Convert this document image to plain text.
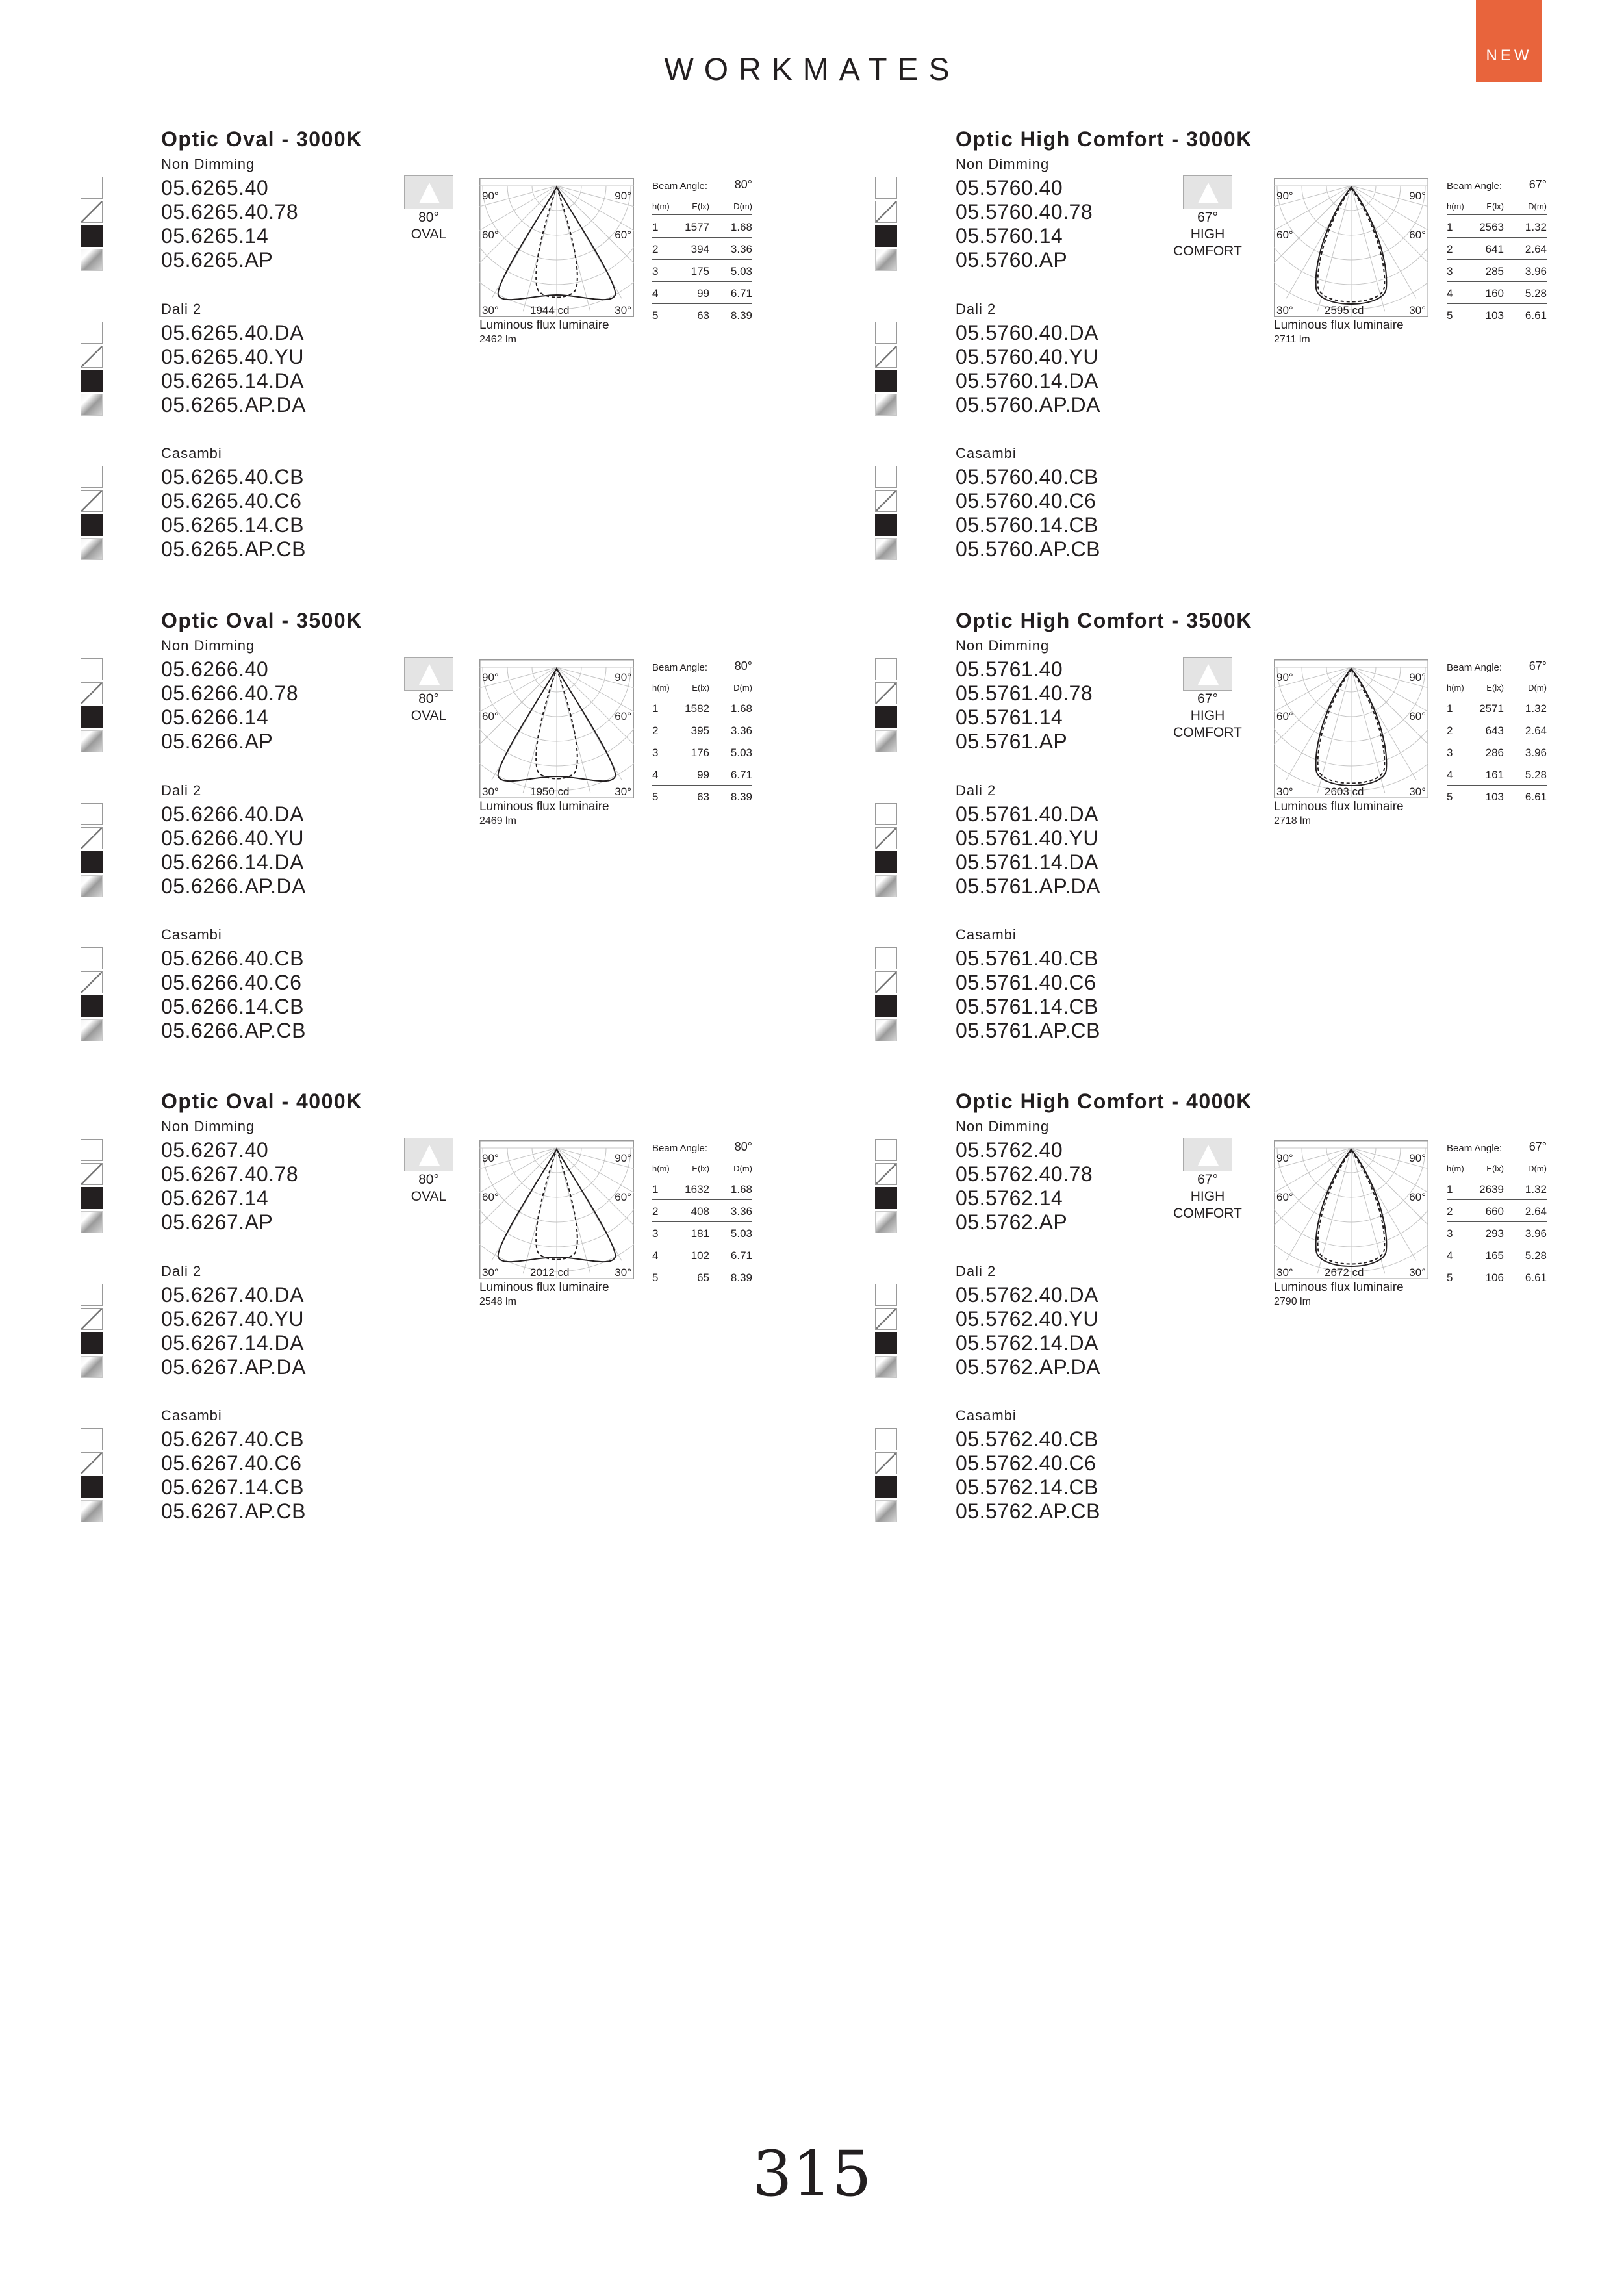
WORKMATES	NEW
Optic Oval - 3000K
Non Dimming
05.6265.40
05.6265.40.78
05.6265.14
05.6265.AP
Dali 2
05.6265.40.DA
05.6265.40.YU
05.6265.14.DA
05.6265.AP.DA
Casambi
05.6265.40.CB
05.6265.40.C6
05.6265.14.CB
05.6265.AP.CB
80°
OVAL
90°	90°
60°	60°
30°	30°
1944 cd
Luminous flux luminaire
2462 lm
Beam Angle: 80°
h(m)	E(lx)	D(m)
1 1577 1.68
2	394 3.36
3	175 5.03
4	99 6.71
5	63 8.39
Optic High Comfort - 3000K
Non Dimming
05.5760.40
05.5760.40.78
05.5760.14
05.5760.AP
Dali 2
05.5760.40.DA
05.5760.40.YU
05.5760.14.DA
05.5760.AP.DA
Casambi
05.5760.40.CB
05.5760.40.C6
05.5760.14.CB
05.5760.AP.CB
67°
HIGH
COMFORT
90°	90°
60°	60°
30°	30°
2595 cd
Luminous flux luminaire
2711 lm
Beam Angle: 67°
h(m)	E(lx)	D(m)
1 2563 1.32
2	641 2.64
3	285 3.96
4	160 5.28
5	103 6.61
Optic Oval - 3500K
Non Dimming
05.6266.40
05.6266.40.78
05.6266.14
05.6266.AP
Dali 2
05.6266.40.DA
05.6266.40.YU
05.6266.14.DA
05.6266.AP.DA
Casambi
05.6266.40.CB
05.6266.40.C6
05.6266.14.CB
05.6266.AP.CB
80°
OVAL
90°	90°
60°	60°
30°	30°
1950 cd
Luminous flux luminaire
2469 lm
Beam Angle: 80°
h(m)	E(lx)	D(m)
1 1582 1.68
2	395 3.36
3	176 5.03
4	99 6.71
5	63 8.39
Optic High Comfort - 3500K
Non Dimming
05.5761.40
05.5761.40.78
05.5761.14
05.5761.AP
Dali 2
05.5761.40.DA
05.5761.40.YU
05.5761.14.DA
05.5761.AP.DA
Casambi
05.5761.40.CB
05.5761.40.C6
05.5761.14.CB
05.5761.AP.CB
67°
HIGH
COMFORT
90°	90°
60°	60°
30°	30°
2603 cd
Luminous flux luminaire
2718 lm
Beam Angle: 67°
h(m)	E(lx)	D(m)
1 2571 1.32
2	643 2.64
3	286 3.96
4	161 5.28
5	103 6.61
Optic Oval - 4000K
Non Dimming
05.6267.40
05.6267.40.78
05.6267.14
05.6267.AP
Dali 2
05.6267.40.DA
05.6267.40.YU
05.6267.14.DA
05.6267.AP.DA
Casambi
05.6267.40.CB
05.6267.40.C6
05.6267.14.CB
05.6267.AP.CB
80°
OVAL
90°	90°
60°	60°
30°	30°
2012 cd
Luminous flux luminaire
2548 lm
Beam Angle: 80°
h(m)	E(lx)	D(m)
1 1632 1.68
2	408 3.36
3	181 5.03
4	102 6.71
5	65 8.39
Optic High Comfort - 4000K
Non Dimming
05.5762.40
05.5762.40.78
05.5762.14
05.5762.AP
Dali 2
05.5762.40.DA
05.5762.40.YU
05.5762.14.DA
05.5762.AP.DA
Casambi
05.5762.40.CB
05.5762.40.C6
05.5762.14.CB
05.5762.AP.CB
67°
HIGH
COMFORT
90°	90°
60°	60°
30°	30°
2672 cd
Luminous flux luminaire
2790 lm
Beam Angle: 67°
h(m)	E(lx)	D(m)
1 2639 1.32
2	660 2.64
3	293 3.96
4	165 5.28
5	106 6.61
315
